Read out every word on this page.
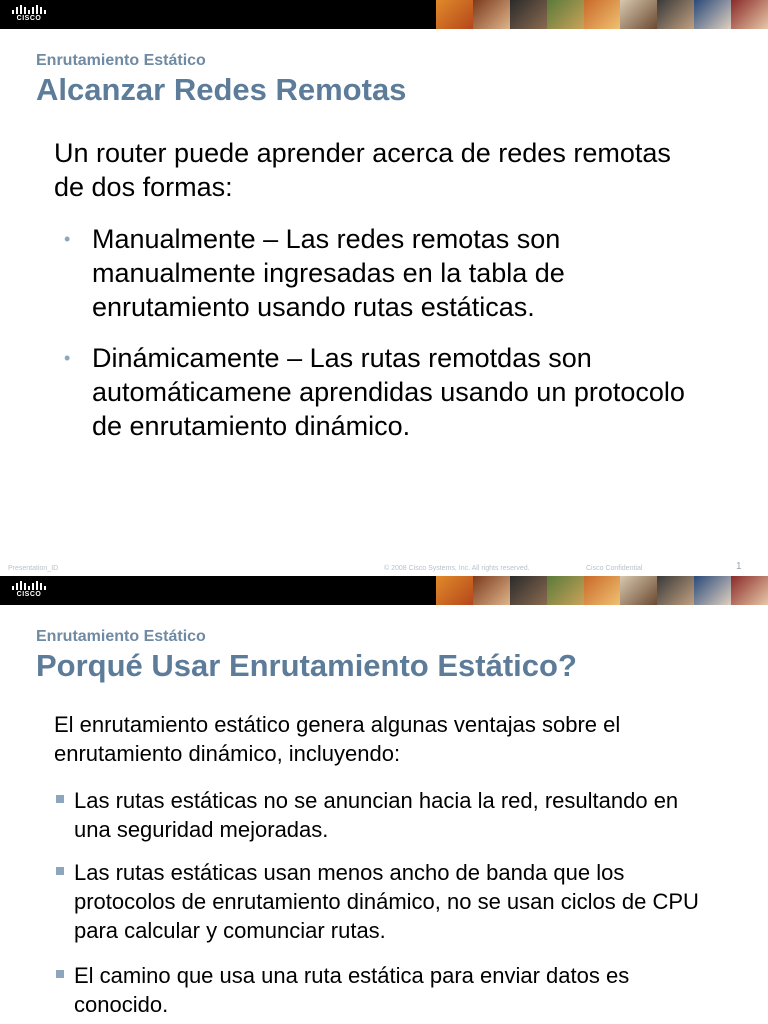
CISCO
Enrutamiento Estático
Alcanzar Redes Remotas
Un router puede aprender acerca de redes remotas de dos formas:
• Manualmente – Las redes remotas son manualmente ingresadas en la tabla de enrutamiento usando rutas estáticas.
• Dinámicamente – Las rutas remotdas son automáticamene aprendidas usando un protocolo de enrutamiento dinámico.
Presentation_ID	© 2008 Cisco Systems, Inc. All rights reserved.	Cisco Confidential	1
CISCO
Enrutamiento Estático
Porqué Usar Enrutamiento Estático?
El enrutamiento estático genera algunas ventajas sobre el enrutamiento dinámico, incluyendo:
Las rutas estáticas no se anuncian hacia la red, resultando en una seguridad mejoradas.
Las rutas estáticas usan menos ancho de banda que los protocolos de enrutamiento dinámico, no se usan ciclos de CPU para calcular y comunciar rutas.
El camino que usa una ruta estática para enviar datos es conocido.
